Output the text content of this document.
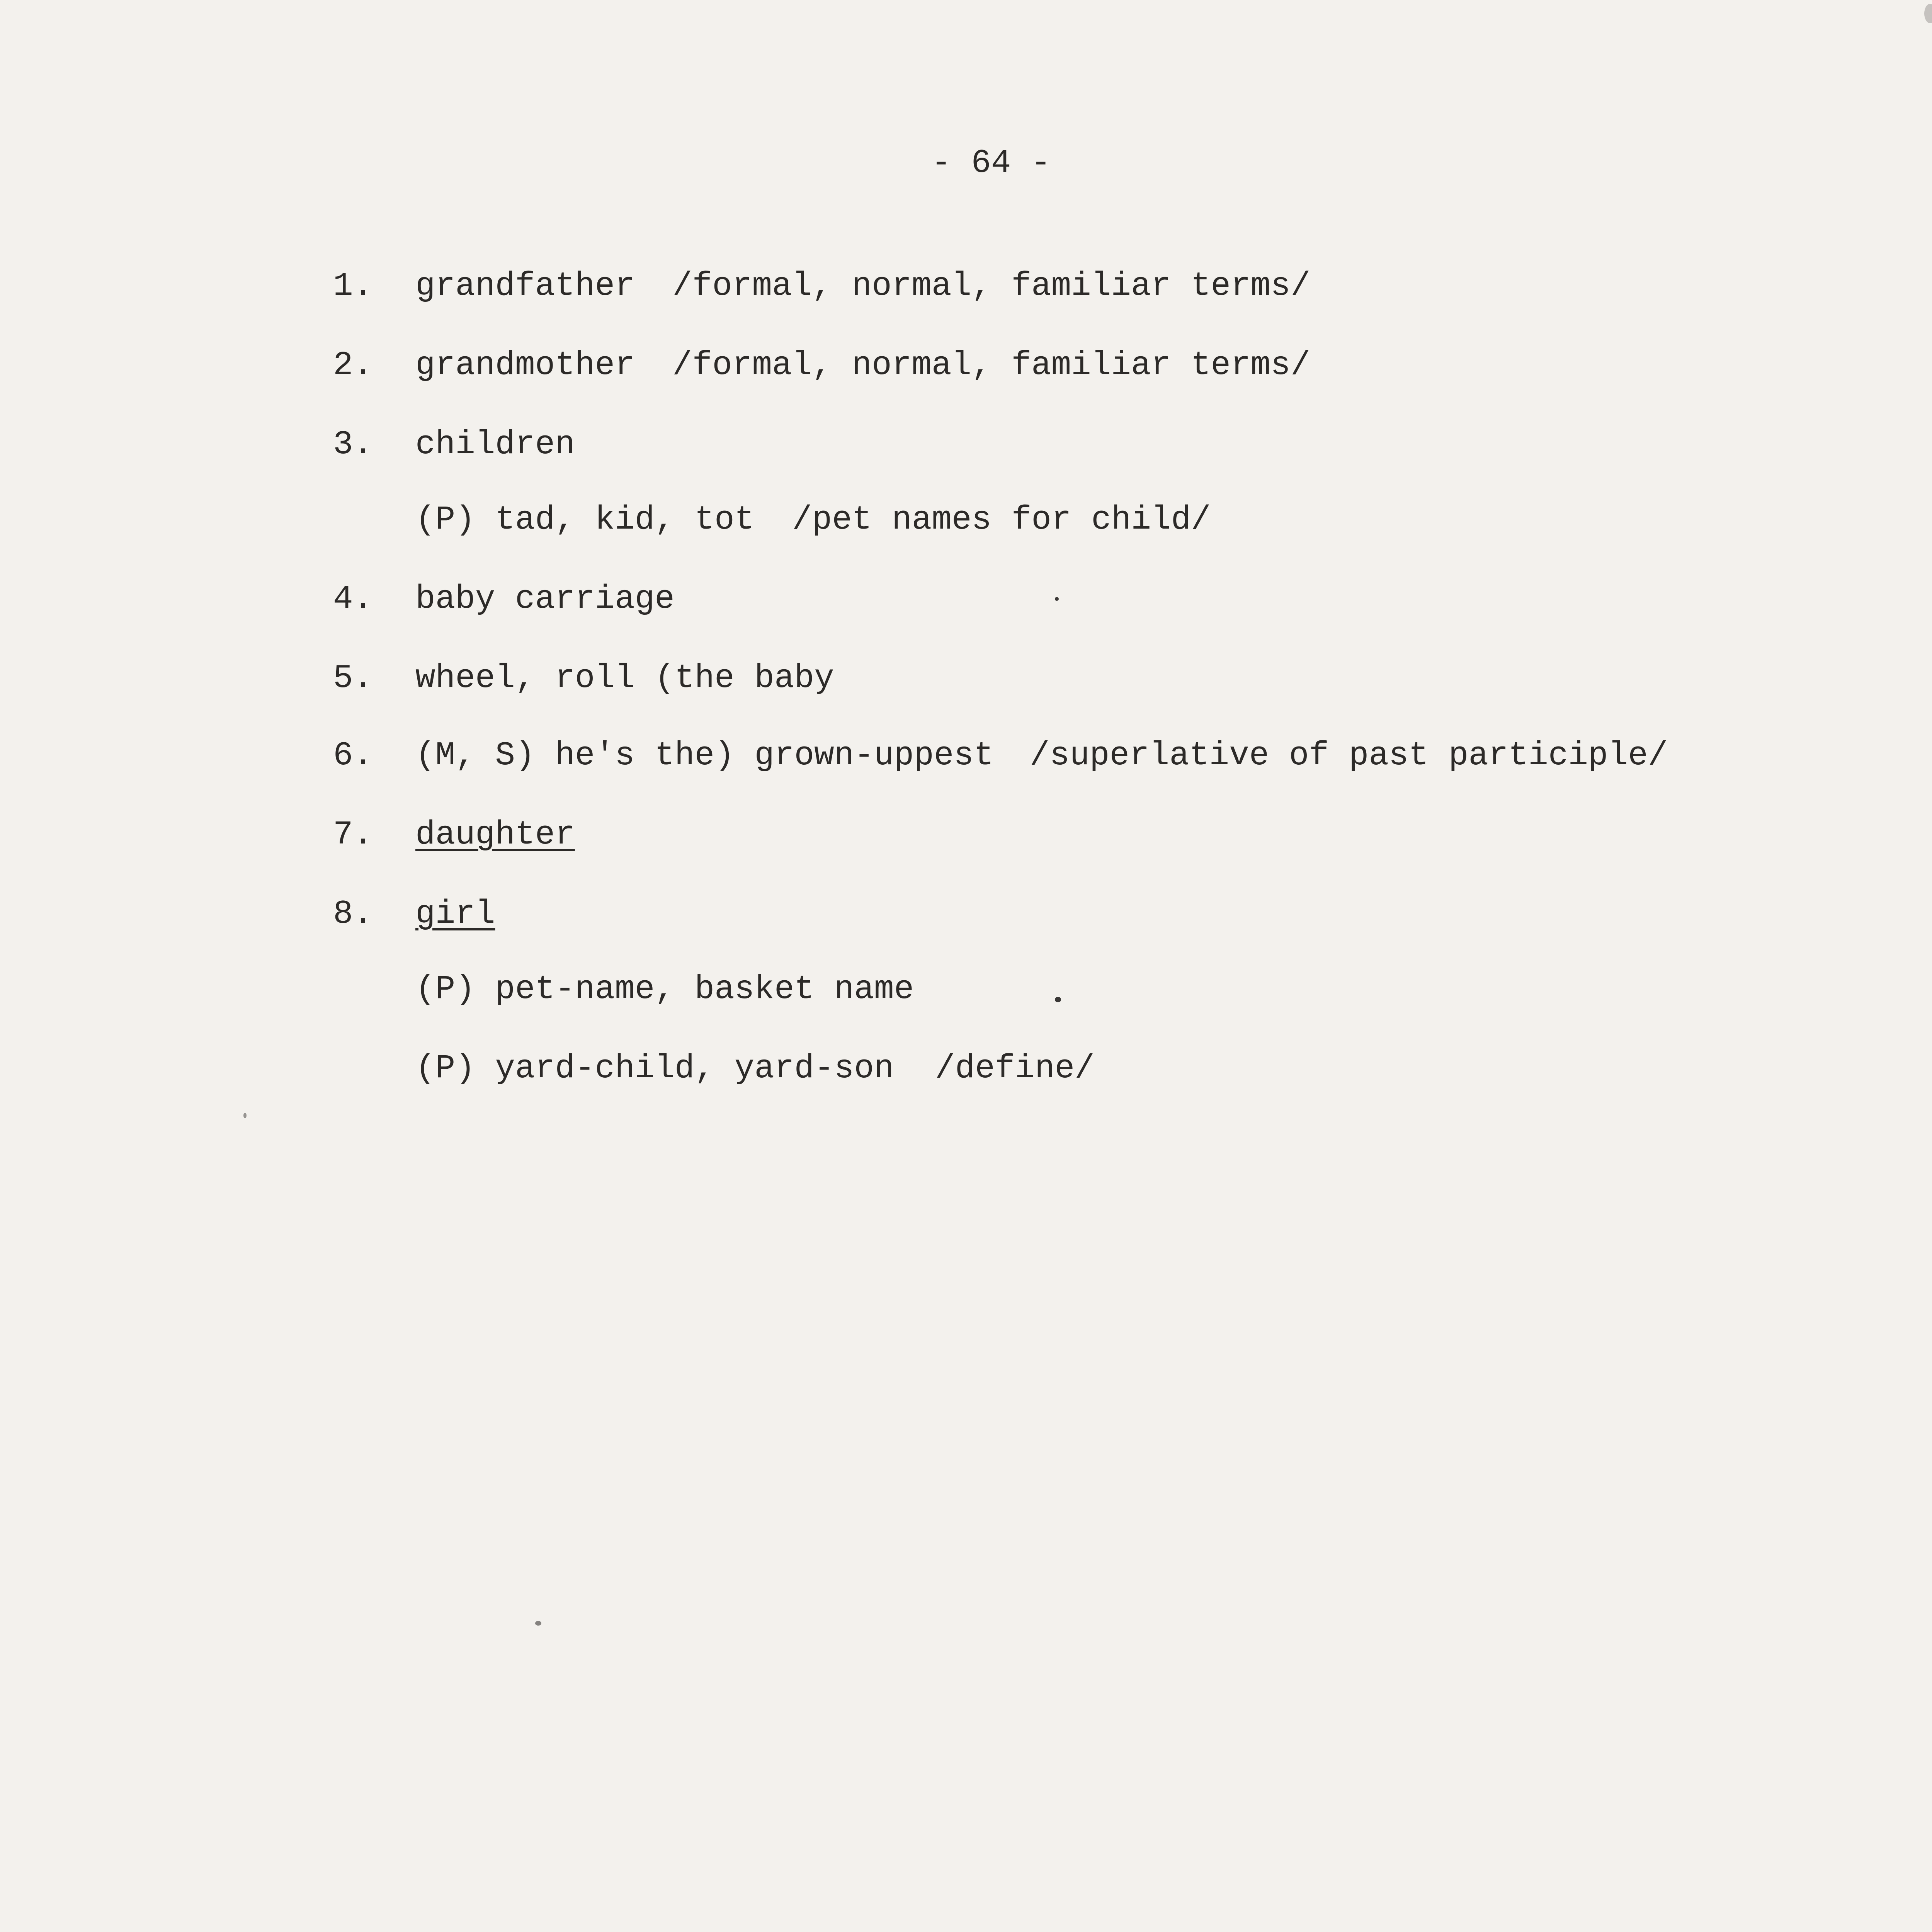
- 64 -
1. grandfather /formal, normal, familiar terms/
2. grandmother /formal, normal, familiar terms/
3. children
(P) tad, kid, tot /pet names for child/
4. baby carriage
5. wheel, roll (the baby
6. (M, S) he's the) grown-uppest /superlative of past participle/
7. daughter
8. girl
(P) pet-name, basket name
(P) yard-child, yard-son /define/
